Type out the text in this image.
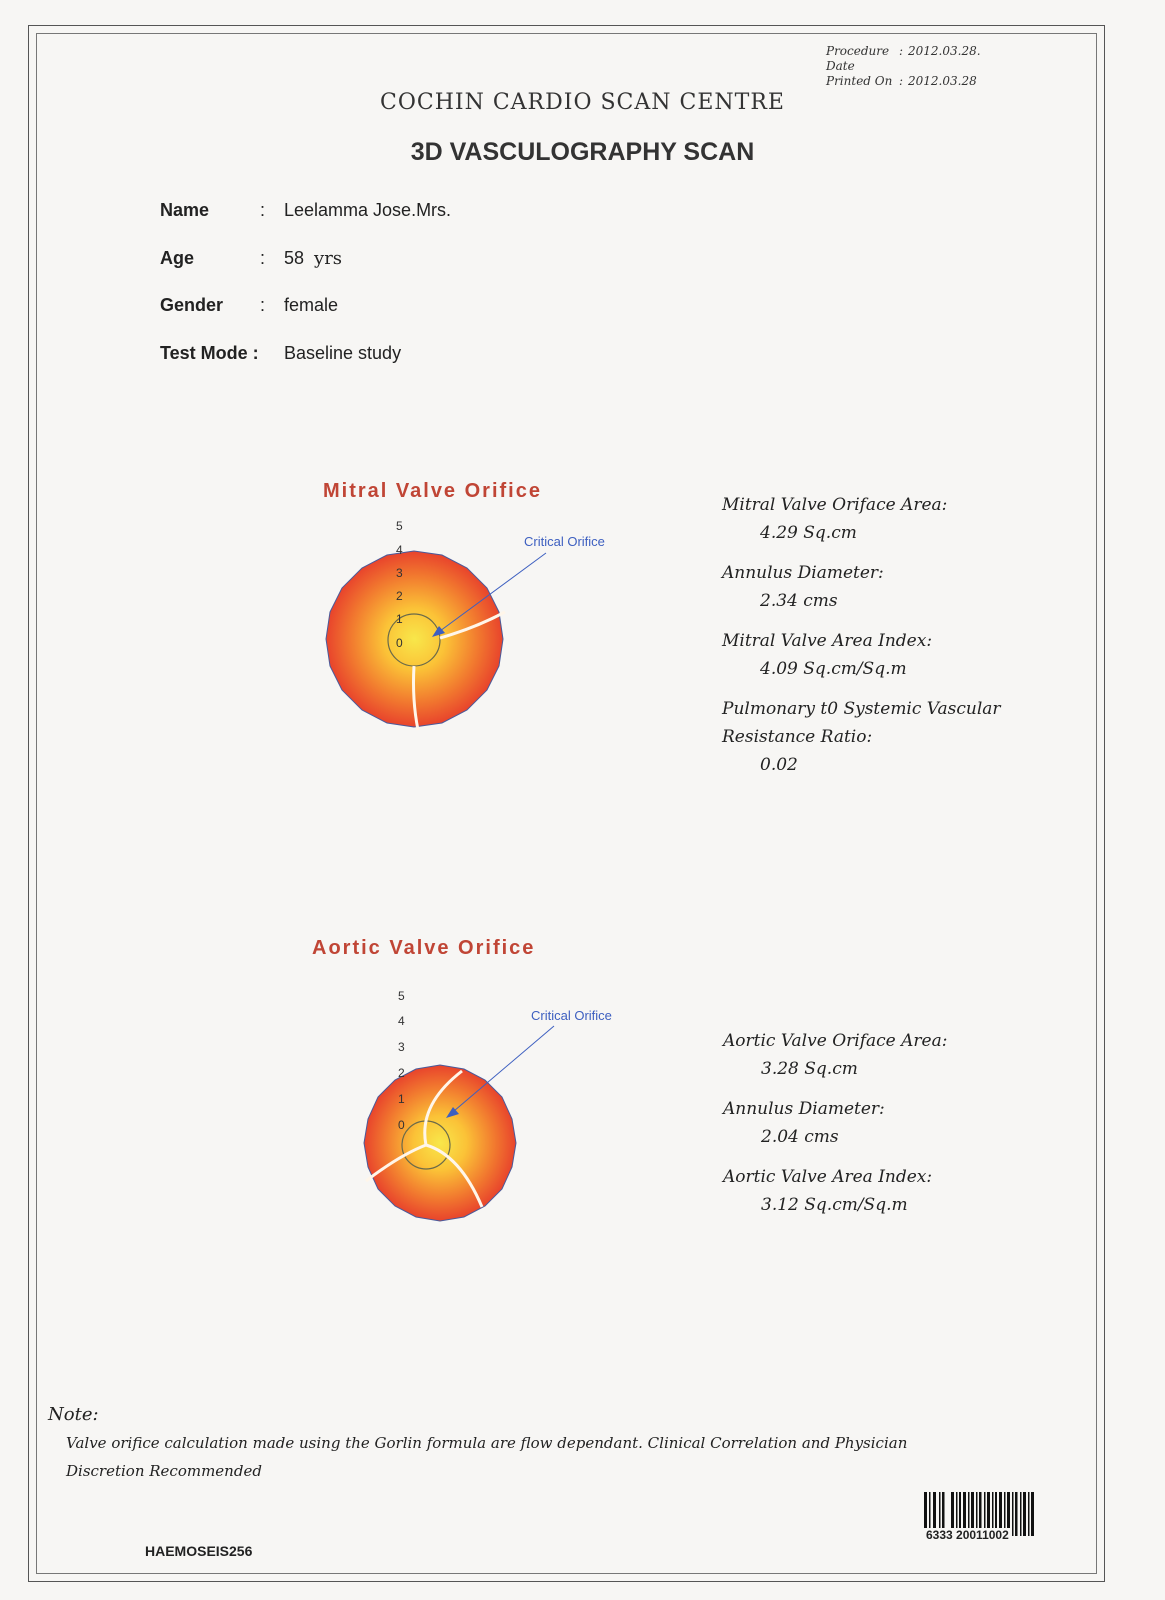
Procedure Date
: 2012.03.28.
Printed On : 2012.03.28
COCHIN CARDIO SCAN CENTRE
3D VASCULOGRAPHY SCAN
Name	:	Leelamma Jose.Mrs.
Age	:	58 yrs
Gender	:	female
Test Mode :	Baseline study
Mitral Valve Orifice
5
4
3
2
1
0
Critical Orifice
Mitral Valve Oriface Area:
4.29 Sq.cm
Annulus Diameter:
2.34 cms
Mitral Valve Area Index:
4.09 Sq.cm/Sq.m
Pulmonary t0 Systemic Vascular Resistance Ratio:
0.02
Aortic Valve Orifice
5
4
3
2
1
0
Critical Orifice
Aortic Valve Oriface Area:
3.28 Sq.cm
Annulus Diameter:
2.04 cms
Aortic Valve Area Index:
3.12 Sq.cm/Sq.m
Note:
Valve orifice calculation made using the Gorlin formula are flow dependant. Clinical Correlation and Physician Discretion Recommended
HAEMOSEIS256
6333 20011002
